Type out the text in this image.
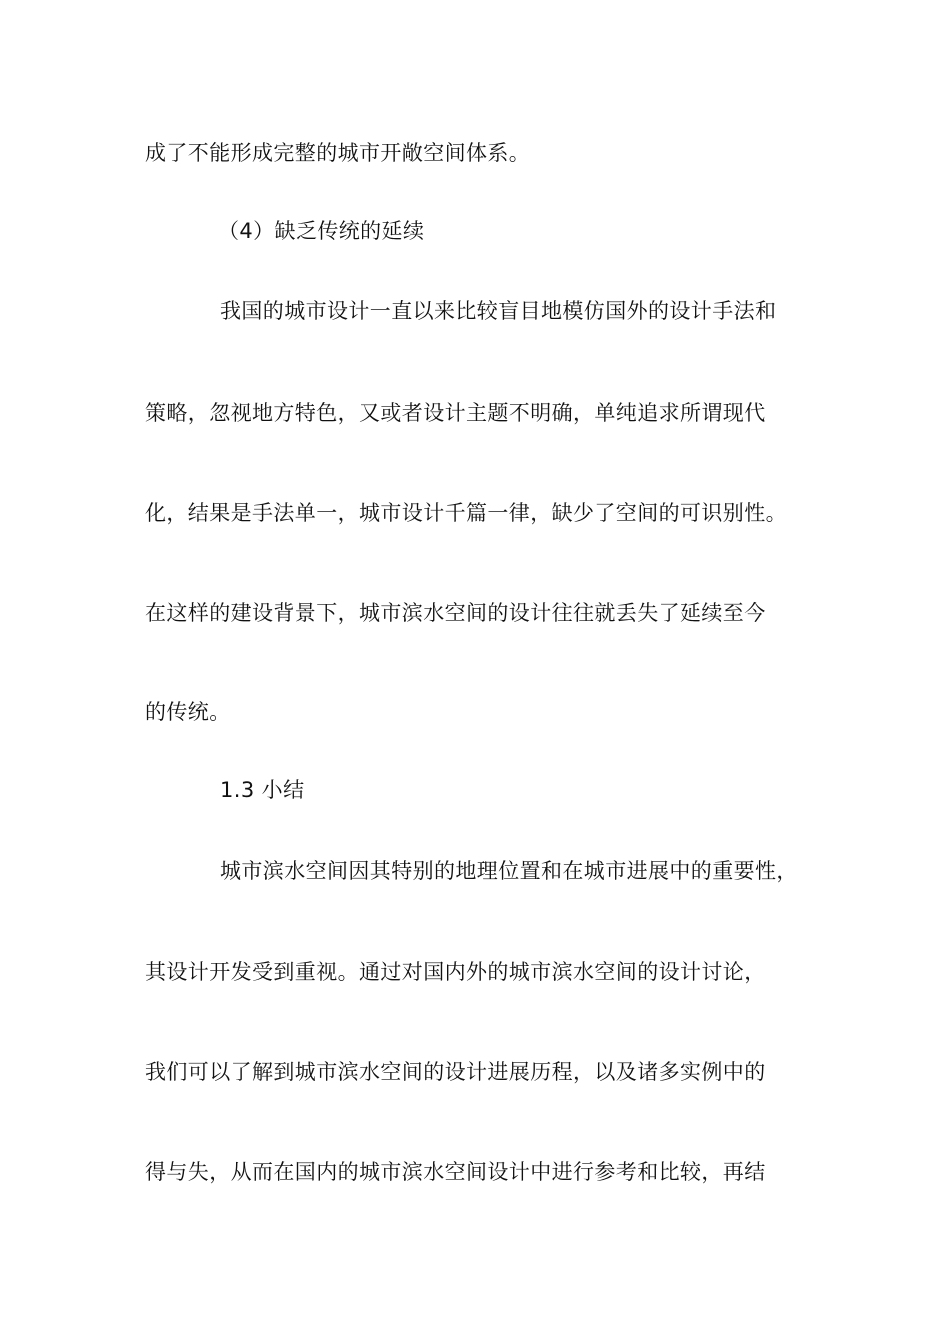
成了不能形成完整的城市开敞空间体系。
（4）缺乏传统的延续
我国的城市设计一直以来比较盲目地模仿国外的设计手法和
策略，忽视地方特色，又或者设计主题不明确，单纯追求所谓现代
化，结果是手法单一，城市设计千篇一律，缺少了空间的可识别性。
在这样的建设背景下，城市滨水空间的设计往往就丢失了延续至今
的传统。
1.3 小结
城市滨水空间因其特别的地理位置和在城市进展中的重要性，
其设计开发受到重视。通过对国内外的城市滨水空间的设计讨论，
我们可以了解到城市滨水空间的设计进展历程，以及诸多实例中的
得与失，从而在国内的城市滨水空间设计中进行参考和比较，再结
